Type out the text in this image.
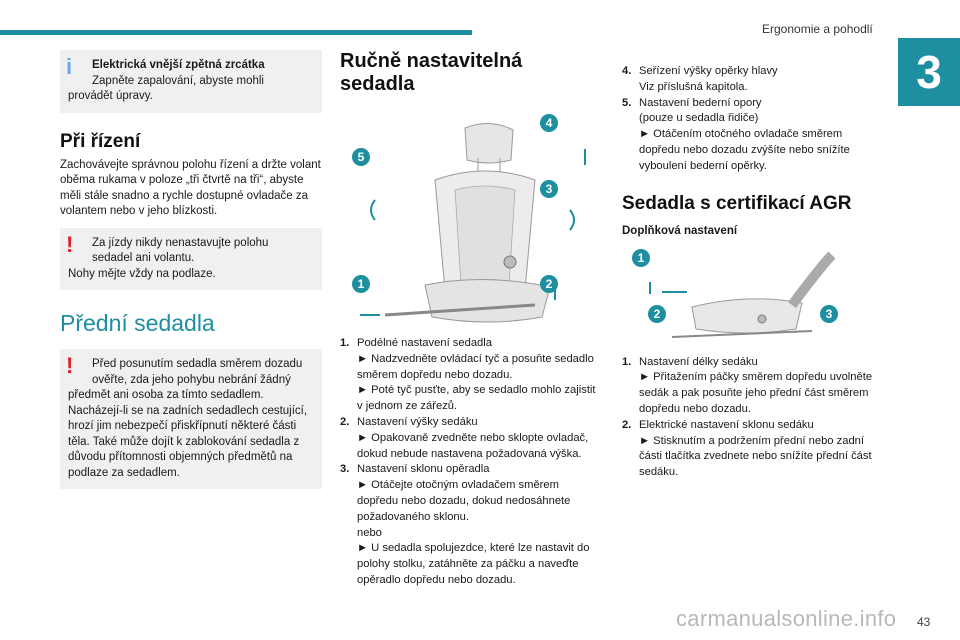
Ergonomie a pohodlí
3
i	Elektrická vnější zpětná zrcátka
Zapněte zapalování, abyste mohli
provádět úpravy.
Při řízení
Zachovávejte správnou polohu řízení a držte volant oběma rukama v poloze „tři čtvrtě na tři“, abyste měli stále snadno a rychle dostupné ovladače za volantem nebo v jeho blízkosti.
!	Za jízdy nikdy nenastavujte polohu
sedadel ani volantu.
Nohy mějte vždy na podlaze.
Přední sedadla
!	Před posunutím sedadla směrem dozadu
ověřte, zda jeho pohybu nebrání žádný
předmět ani osoba za tímto sedadlem. Nacházejí-li se na zadních sedadlech cestující, hrozí jim nebezpečí přiskřípnutí některé části těla. Také může dojít k zablokování sedadla z důvodu přítomnosti objemných předmětů na podlaze za sedadlem.
Ručně nastavitelná sedadla
1	2
3
4
5
1. Podélné nastavení sedadla
► Nadzvedněte ovládací tyč a posuňte sedadlo směrem dopředu nebo dozadu.
► Poté tyč pusťte, aby se sedadlo mohlo zajistit v jednom ze zářezů.
2. Nastavení výšky sedáku
► Opakovaně zvedněte nebo sklopte ovladač, dokud nebude nastavena požadovaná výška.
3. Nastavení sklonu opěradla
► Otáčejte otočným ovladačem směrem dopředu nebo dozadu, dokud nedosáhnete požadovaného sklonu.
nebo
► U sedadla spolujezdce, které lze nastavit do polohy stolku, zatáhněte za páčku a naveďte opěradlo dopředu nebo dozadu.
4. Seřízení výšky opěrky hlavy
Viz příslušná kapitola.
5. Nastavení bederní opory
(pouze u sedadla řidiče)
► Otáčením otočného ovladače směrem dopředu nebo dozadu zvýšíte nebo snížíte vyboulení bederní opěrky.
Sedadla s certifikací AGR
Doplňková nastavení
1
2	3
1. Nastavení délky sedáku
► Přitažením páčky směrem dopředu uvolněte sedák a pak posuňte jeho přední část směrem dopředu nebo dozadu.
2. Elektrické nastavení sklonu sedáku
► Stisknutím a podržením přední nebo zadní části tlačítka zvednete nebo snížíte přední část sedáku.
carmanualsonline.info 43
